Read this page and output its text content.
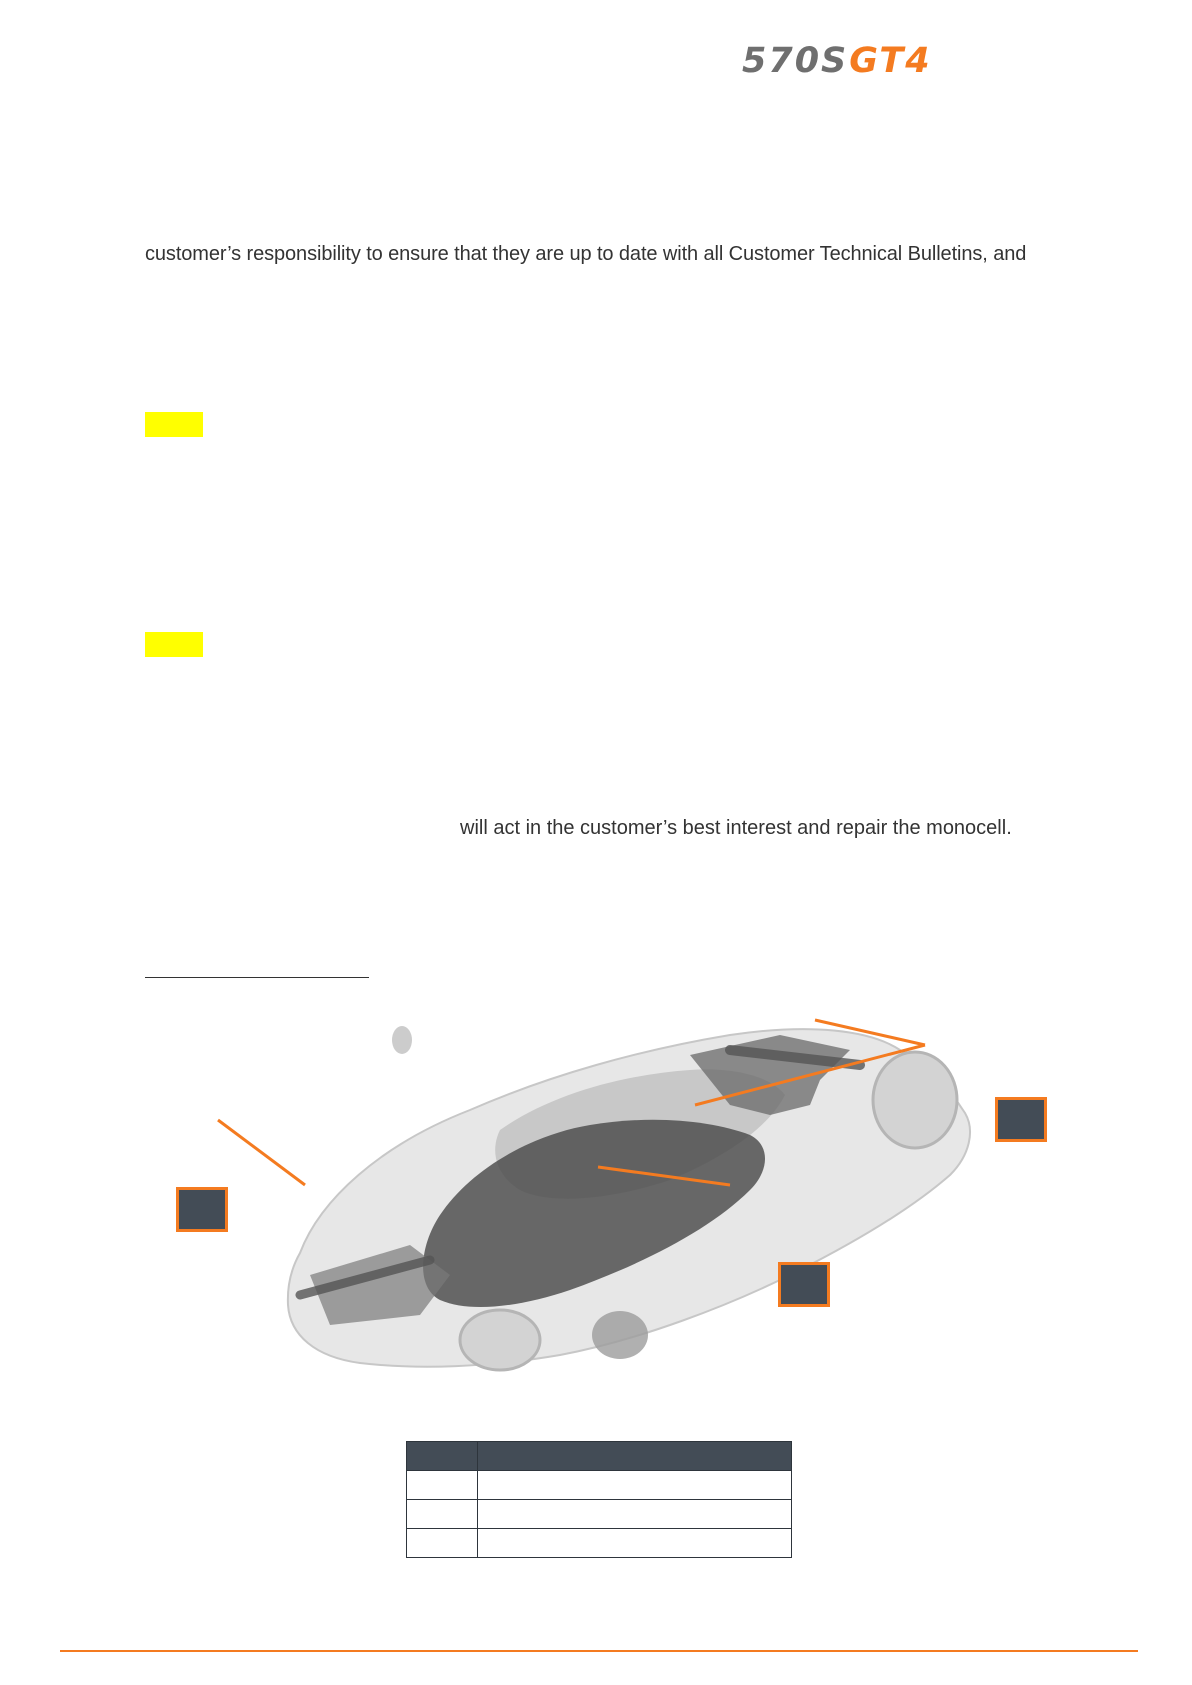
570SGT4
customer’s responsibility to ensure that they are up to date with all Customer Technical Bulletins, and
will act in the customer’s best interest and repair the monocell.
